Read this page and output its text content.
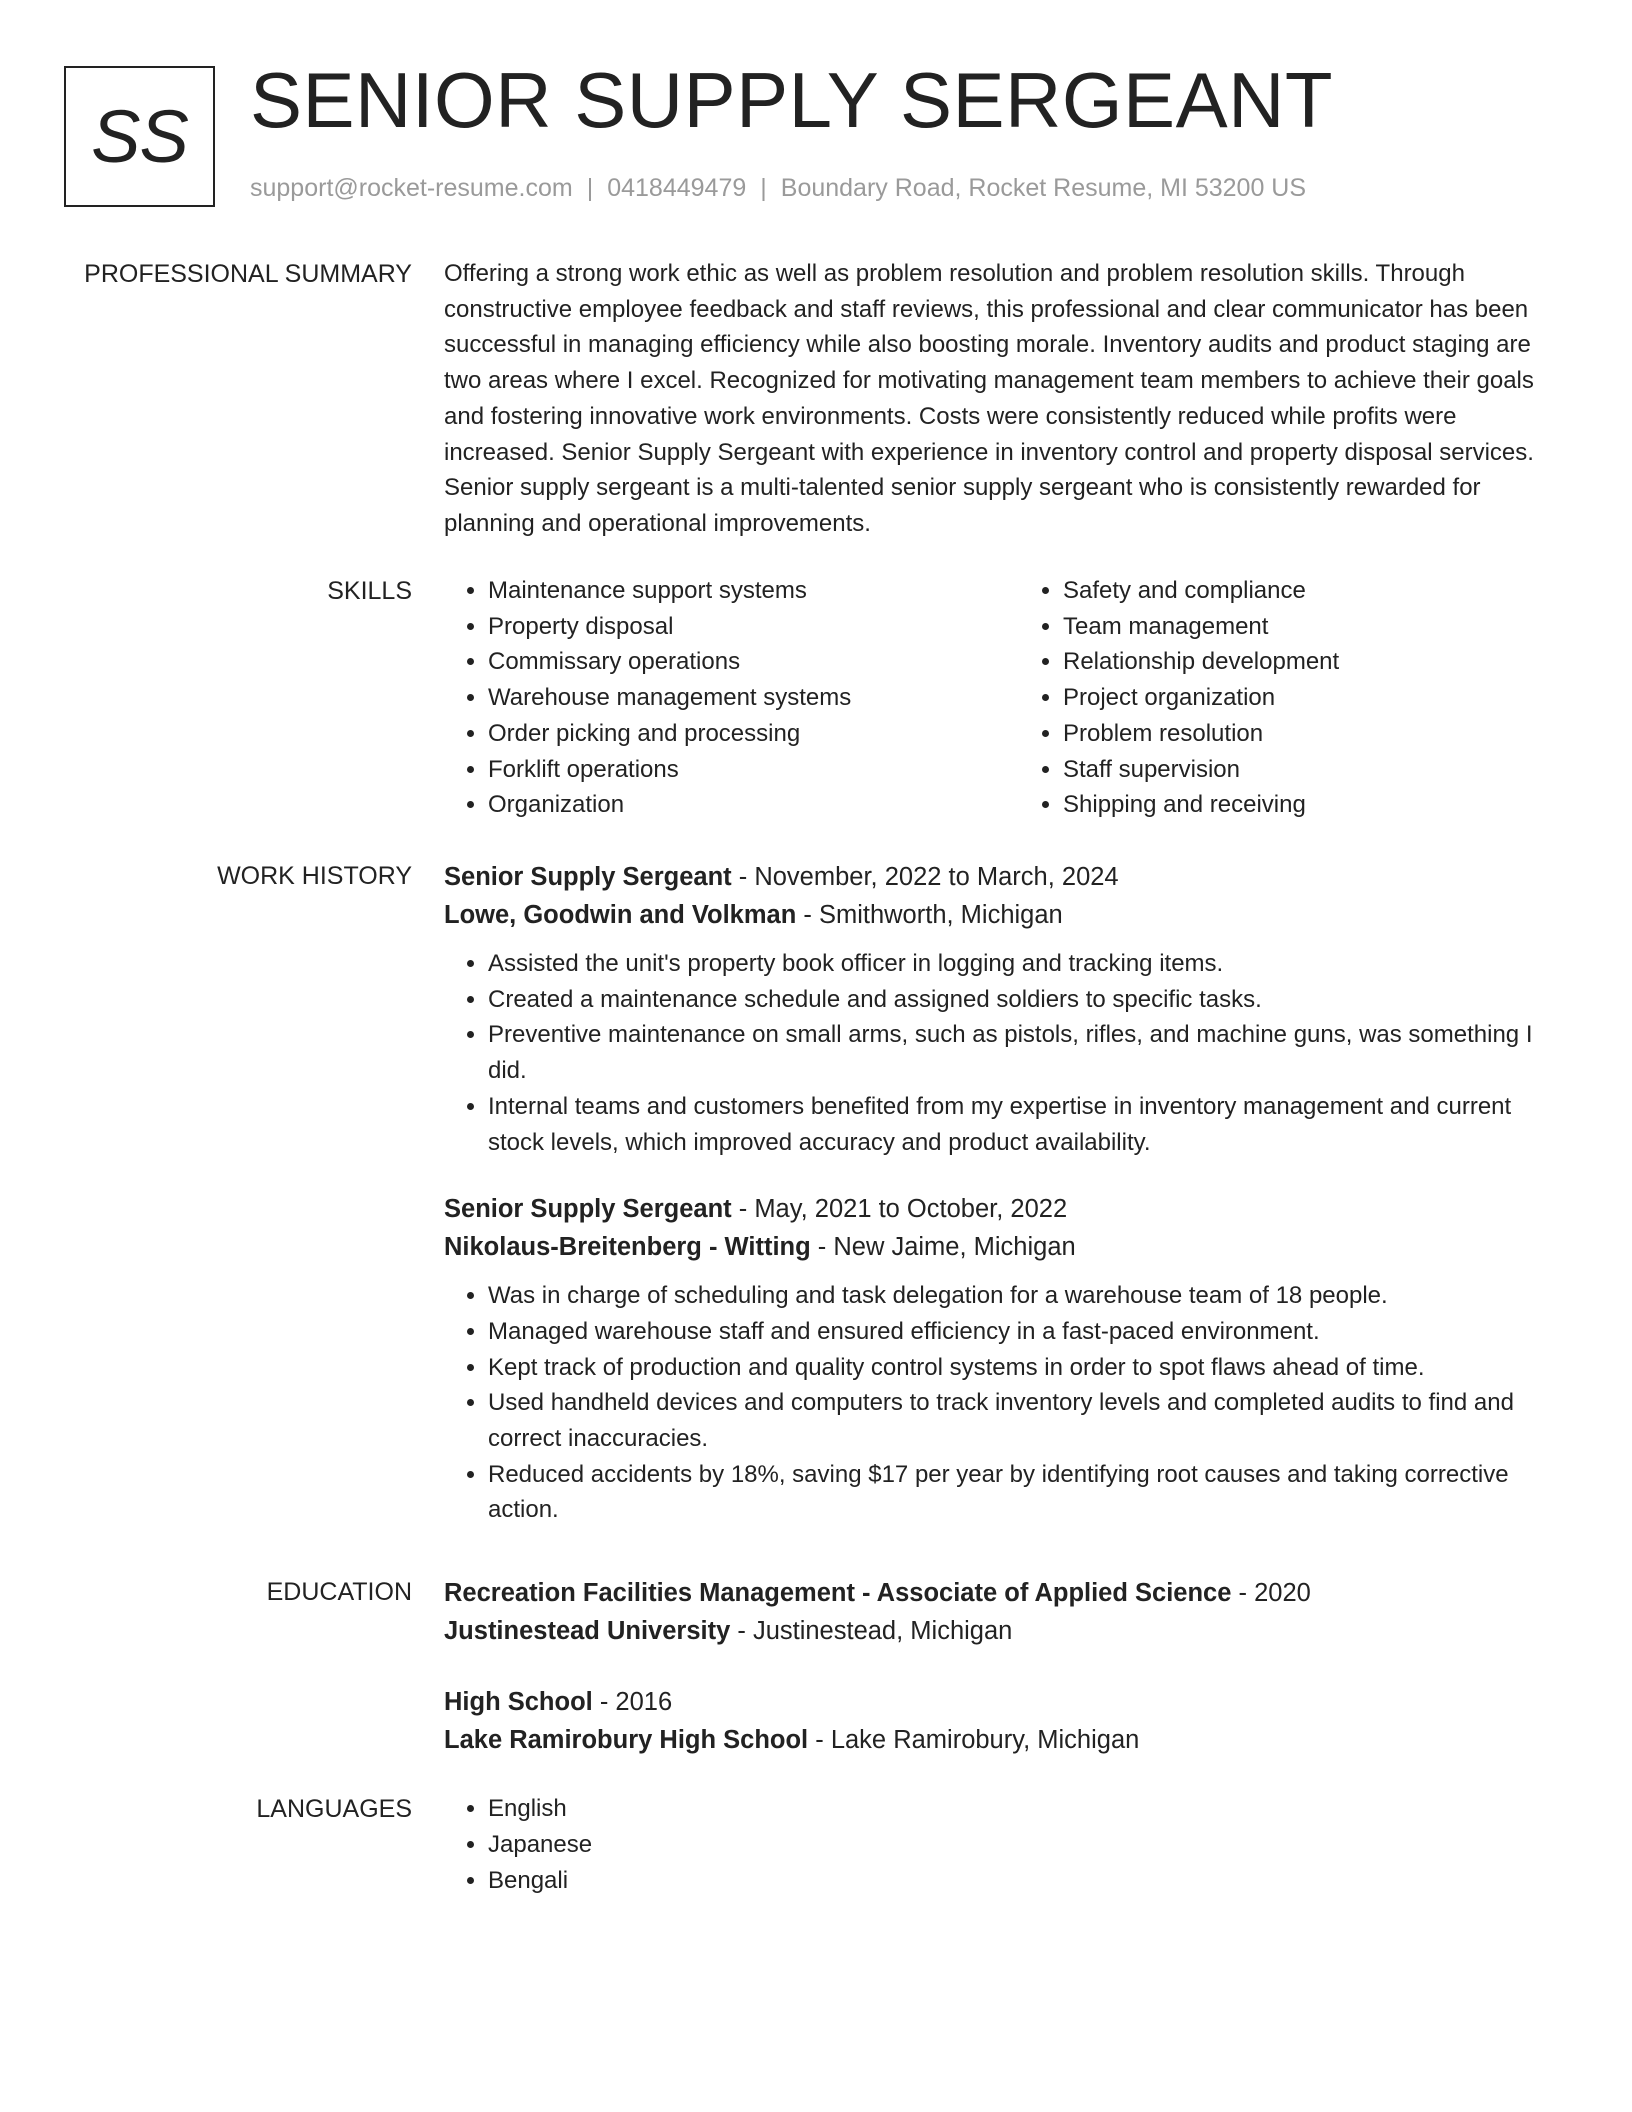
SS SENIOR SUPPLY SERGEANT
support@rocket-resume.com | 0418449479 | Boundary Road, Rocket Resume, MI 53200 US
PROFESSIONAL SUMMARY Offering a strong work ethic as well as problem resolution and problem resolution skills. Through constructive employee feedback and staff reviews, this professional and clear communicator has been successful in managing efficiency while also boosting morale. Inventory audits and product staging are two areas where I excel. Recognized for motivating management team members to achieve their goals and fostering innovative work environments. Costs were consistently reduced while profits were increased. Senior Supply Sergeant with experience in inventory control and property disposal services. Senior supply sergeant is a multi-talented senior supply sergeant who is consistently rewarded for planning and operational improvements.

SKILLS	• Maintenance support systems
• Property disposal
• Commissary operations
• Warehouse management systems
• Order picking and processing
• Forklift operations
• Organization
• Safety and compliance
• Team management
• Relationship development
• Project organization
• Problem resolution
• Staff supervision
• Shipping and receiving
WORK HISTORY Senior Supply Sergeant - November, 2022 to March, 2024
Lowe, Goodwin and Volkman - Smithworth, Michigan
• Assisted the unit's property book officer in logging and tracking items.
• Created a maintenance schedule and assigned soldiers to specific tasks.
• Preventive maintenance on small arms, such as pistols, rifles, and machine guns, was something I did.
• Internal teams and customers benefited from my expertise in inventory management and current stock levels, which improved accuracy and product availability.
Senior Supply Sergeant - May, 2021 to October, 2022
Nikolaus-Breitenberg - Witting - New Jaime, Michigan
• Was in charge of scheduling and task delegation for a warehouse team of 18 people.
• Managed warehouse staff and ensured efficiency in a fast-paced environment.
• Kept track of production and quality control systems in order to spot flaws ahead of time.
• Used handheld devices and computers to track inventory levels and completed audits to find and correct inaccuracies.
• Reduced accidents by 18%, saving $17 per year by identifying root causes and taking corrective action.
EDUCATION Recreation Facilities Management - Associate of Applied Science - 2020
Justinestead University - Justinestead, Michigan
High School - 2016
Lake Ramirobury High School - Lake Ramirobury, Michigan
LANGUAGES	• English
• Japanese
• Bengali
